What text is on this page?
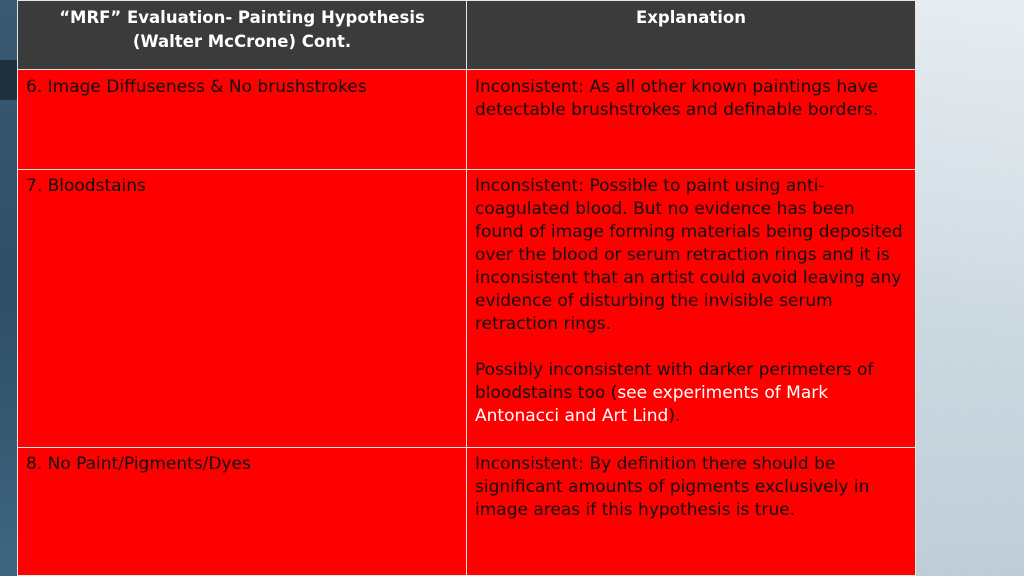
“MRF” Evaluation- Painting Hypothesis (Walter McCrone) Cont.	Explanation
6. Image Diffuseness & No brushstrokes	Inconsistent: As all other known paintings have detectable brushstrokes and definable borders.
7. Bloodstains	Inconsistent: Possible to paint using anti-coagulated blood. But no evidence has been found of image forming materials being deposited over the blood or serum retraction rings and it is inconsistent that an artist could avoid leaving any evidence of disturbing the invisible serum retraction rings.
Possibly inconsistent with darker perimeters of bloodstains too (see experiments of Mark Antonacci and Art Lind).

8. No Paint/Pigments/Dyes	Inconsistent: By definition there should be significant amounts of pigments exclusively in image areas if this hypothesis is true.
